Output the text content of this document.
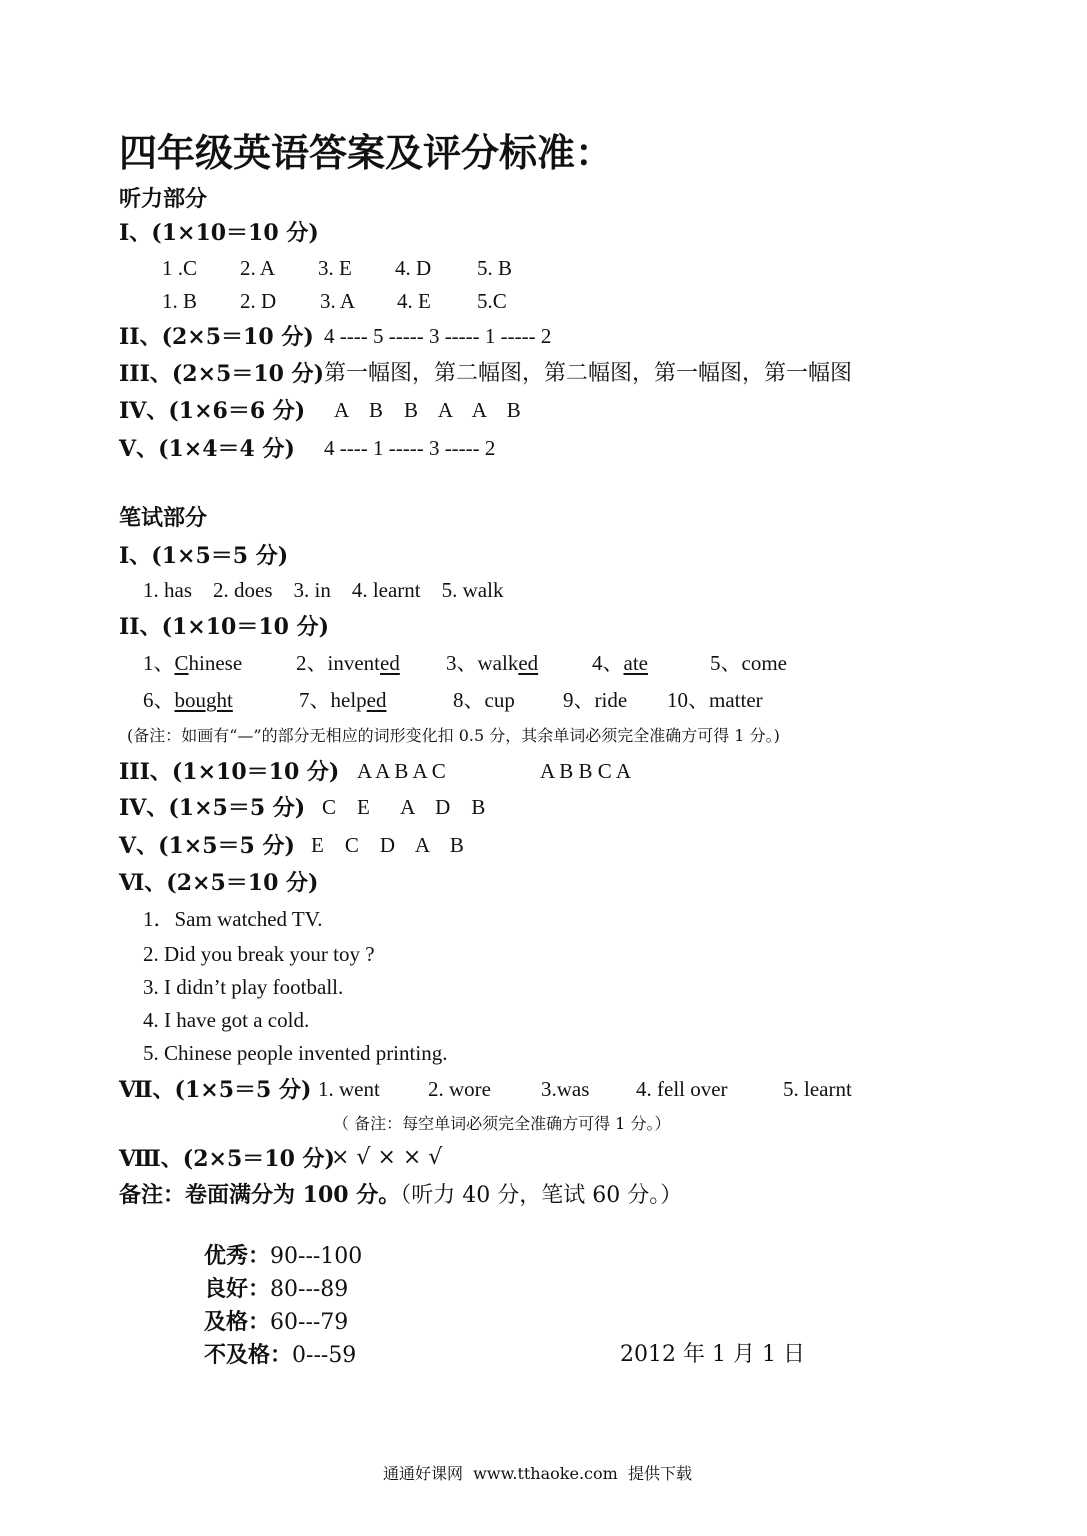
四年级英语答案及评分标准：
听力部分
I、(1×10＝10 分)
1 .C 2. A 3. E 4. D 5. B
1. B 2. D 3. A 4. E 5.C
II、(2×5＝10 分) 4 ---- 5 ----- 3 ----- 1 ----- 2
III、(2×5＝10 分) 第一幅图，第二幅图，第二幅图，第一幅图，第一幅图
IV、(1×6＝6 分) A    B    B    A    A    B
V、(1×4＝4 分) 4 ---- 1 ----- 3 ----- 2
笔试部分
I、(1×5＝5 分)
1. has    2. does    3. in    4. learnt    5. walk
II、(1×10＝10 分)
1、Chinese	2、invented 3、walked	4、ate	5、come
6、bought	7、helped	8、cup 9、ride 10、matter
(备注：如画有“—”的部分无相应的词形变化扣 0.5 分，其余单词必须完全准确方可得 1 分。)
III、(1×10＝10 分) A A B A C	A B B C A
IV、(1×5＝5 分) C    E      A    D    B
V、(1×5＝5 分) E    C    D    A    B
Ⅵ、(2×5＝10 分)
1．Sam watched TV.
2. Did you break your toy ?
3. I didn’t play football.
4. I have got a cold.
5. Chinese people invented printing.
Ⅶ、(1×5＝5 分) 1. went 2. wore 3.was 4. fell over	5. learnt
（ 备注：每空单词必须完全准确方可得 1 分。）
Ⅷ、(2×5＝10 分)
× √ × × √
备注：卷面满分为 100 分。（听力 40 分，笔试 60 分。）
优秀：90---100
良好：80---89
及格：60---79
不及格：0---59	2012 年 1 月 1 日
通通好课网  www.tthaoke.com  提供下载
